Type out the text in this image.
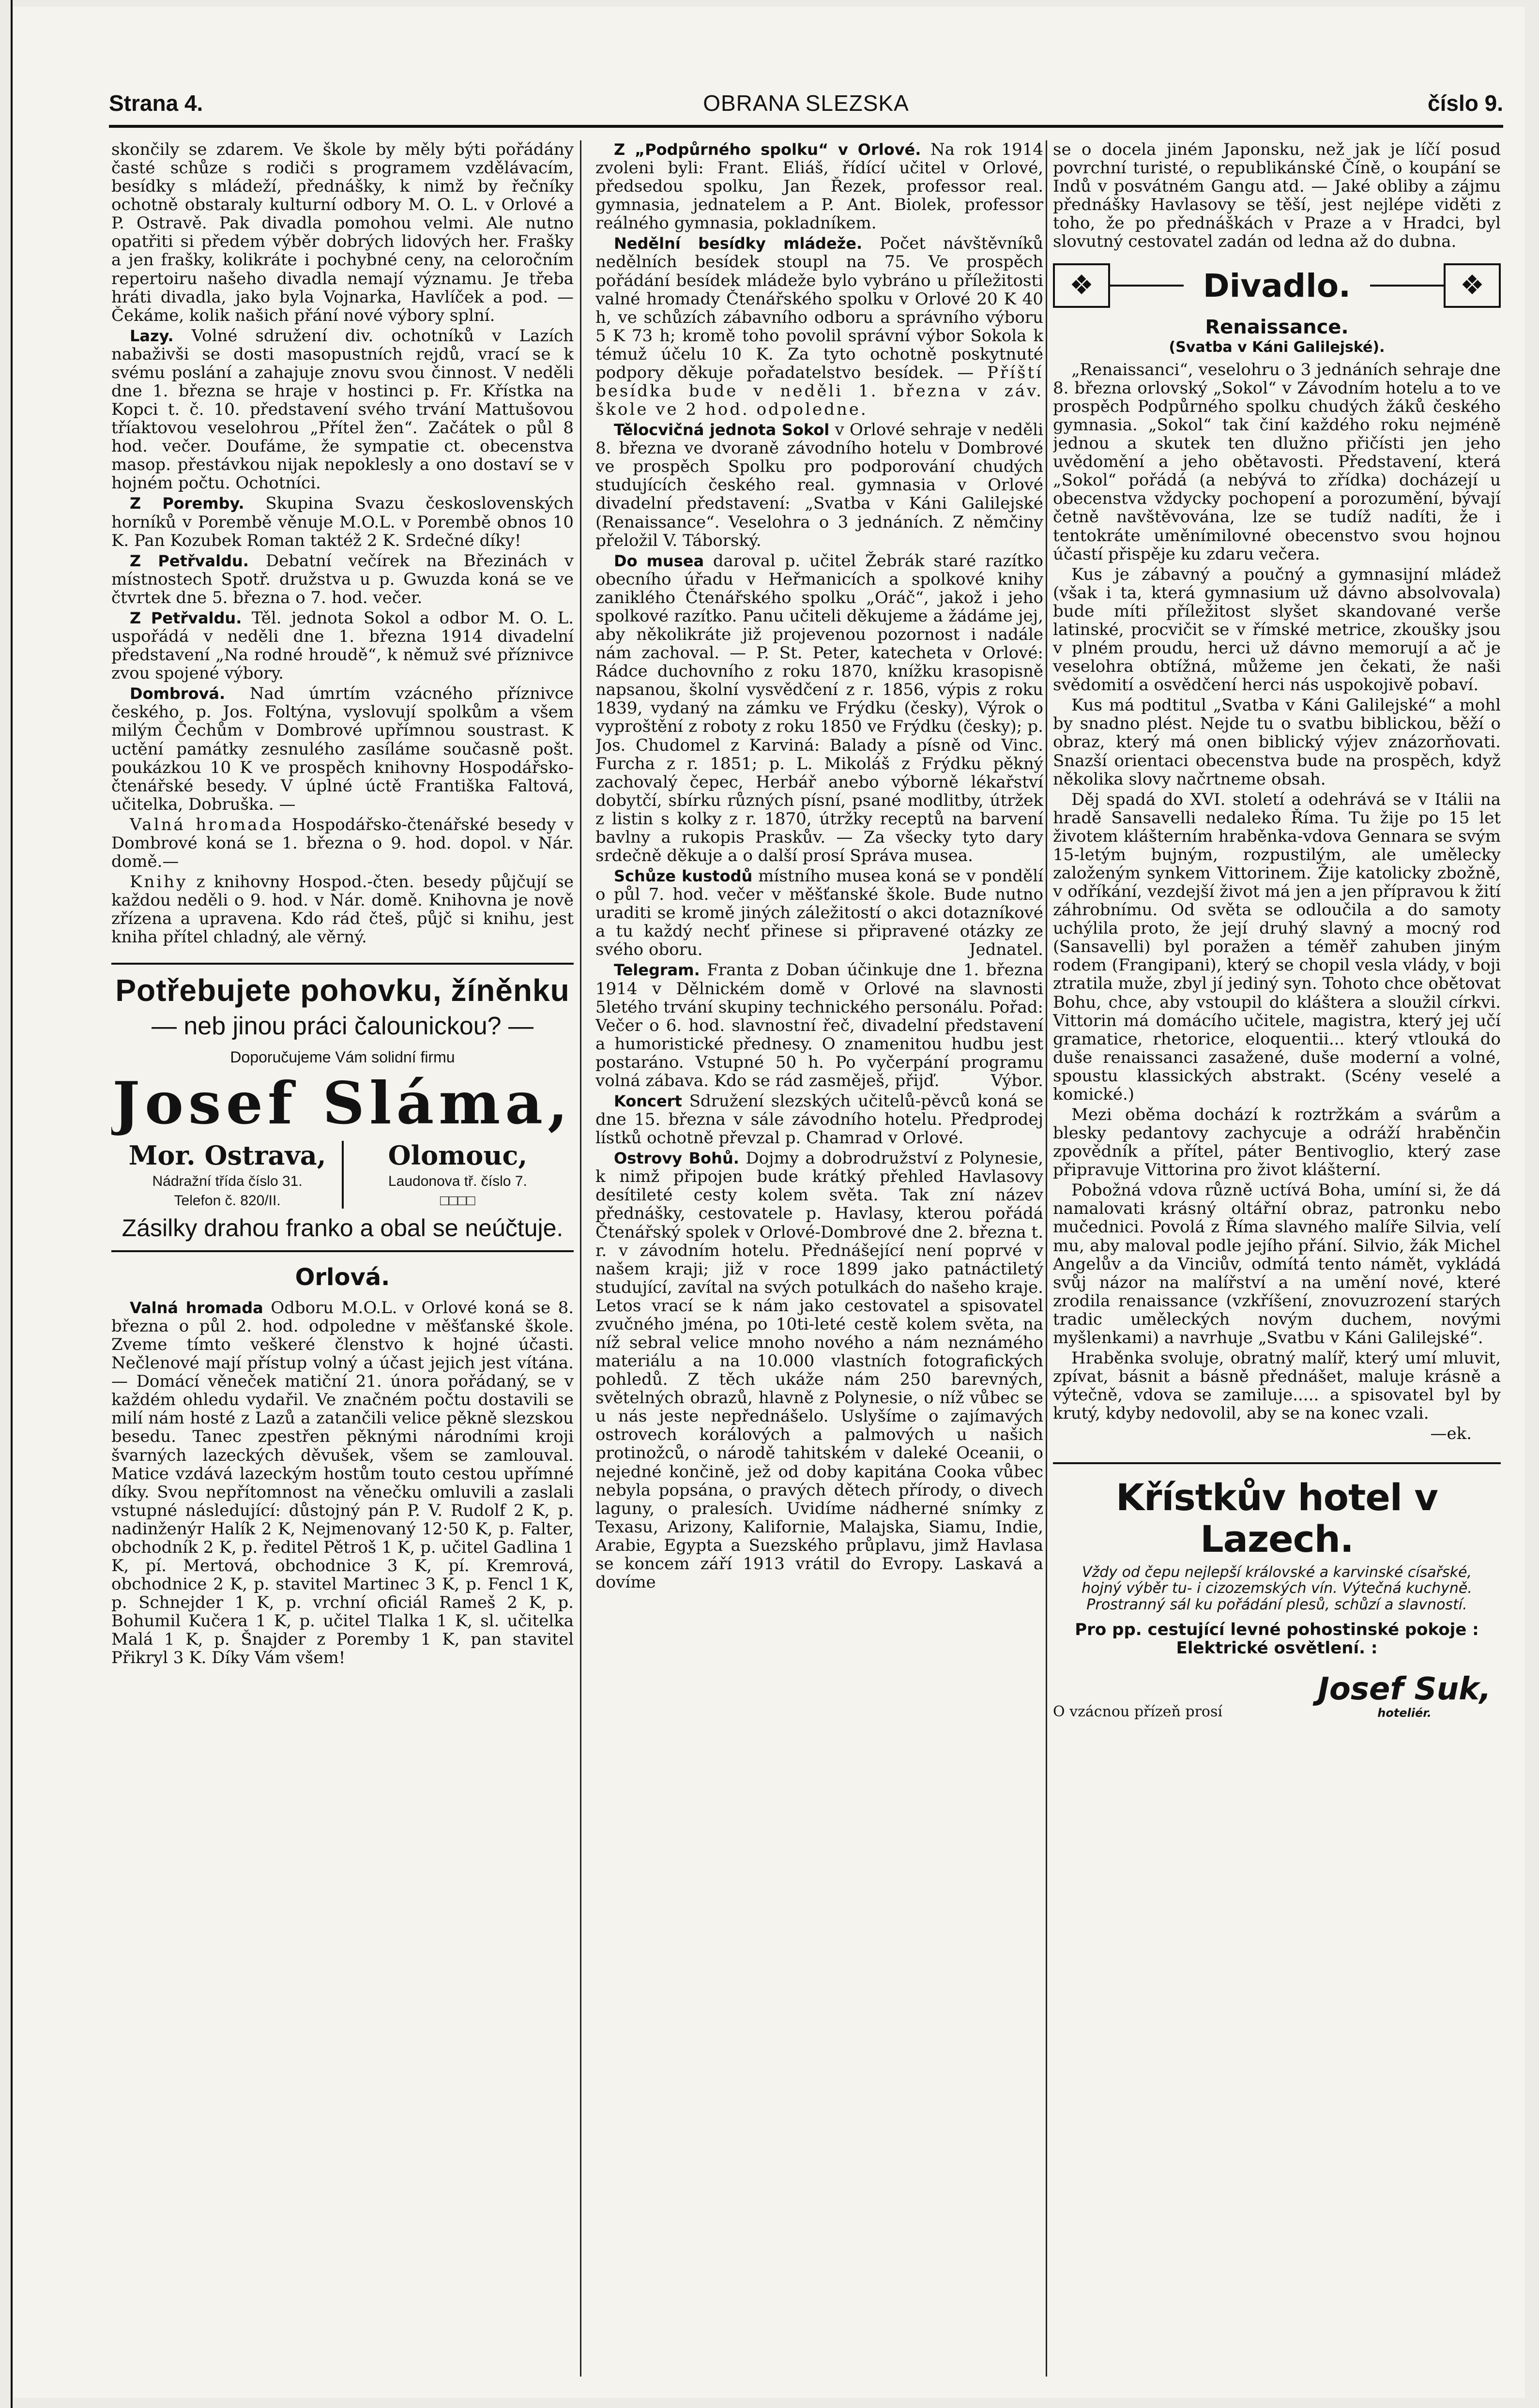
Strana 4.	OBRANA SLEZSKA	číslo 9.

skončily se zdarem. Ve škole by měly býti pořádány časté schůze s rodiči s programem vzdělávacím, besídky s mládeží, přednášky, k nimž by řečníky ochotně obstaraly kulturní odbory M. O. L. v Orlové a P. Ostravě. Pak divadla pomohou velmi. Ale nutno opatřiti si předem výběr dobrých lidových her. Frašky a jen frašky, kolikráte i pochybné ceny, na celoročním repertoiru našeho divadla nemají významu. Je třeba hráti divadla, jako byla Vojnarka, Havlíček a pod. — Čekáme, kolik našich přání nové výbory splní.

Lazy. Volné sdružení div. ochotníků v Lazích nabaživši se dosti masopustních rejdů, vrací se k svému poslání a zahajuje znovu svou činnost. V neděli dne 1. března se hraje v hostinci p. Fr. Křístka na Kopci t. č. 10. představení svého trvání Mattušovou tříaktovou veselohrou „Přítel žen“. Začátek o půl 8 hod. večer. Doufáme, že sympatie ct. obecenstva masop. přestávkou nijak nepoklesly a ono dostaví se v hojném počtu. Ochotníci.

Z Poremby. Skupina Svazu československých horníků v Porembě věnuje M.O.L. v Porembě obnos 10 K. Pan Kozubek Roman taktéž 2 K. Srdečné díky!

Z Petřvaldu. Debatní večírek na Březinách v místnostech Spotř. družstva u p. Gwuzda koná se ve čtvrtek dne 5. března o 7. hod. večer.

Z Petřvaldu. Těl. jednota Sokol a odbor M. O. L. uspořádá v neděli dne 1. března 1914 divadelní představení „Na rodné hroudě“, k němuž své příznivce zvou spojené výbory.

Dombrová. Nad úmrtím vzácného příznivce českého, p. Jos. Foltýna, vyslovují spolkům a všem milým Čechům v Dombrové upřímnou soustrast. K uctění památky zesnulého zasíláme současně pošt. poukázkou 10 K ve prospěch knihovny Hospodářsko-čtenářské besedy. V úplné úctě Františka Faltová, učitelka, Dobruška. —

Valná hromada Hospodářsko-čtenářské besedy v Dombrové koná se 1. března o 9. hod. dopol. v Nár. domě.—

Knihy z knihovny Hospod.-čten. besedy půjčují se každou neděli o 9. hod. v Nár. domě. Knihovna je nově zřízena a upravena. Kdo rád čteš, půjč si knihu, jest kniha přítel chladný, ale věrný.

Potřebujete pohovku, žíněnku
— neb jinou práci čalounickou? —
Doporučujeme Vám solidní firmu
Josef Sláma,
Mor. Ostrava,
Nádražní třída číslo 31.
Telefon č. 820/II.
Olomouc,
Laudonova tř. číslo 7.
□□□□
Zásilky drahou franko a obal se neúčtuje.
Orlová.

Valná hromada Odboru M.O.L. v Orlové koná se 8. března o půl 2. hod. odpoledne v měšťanské škole. Zveme tímto veškeré členstvo k hojné účasti. Nečlenové mají přístup volný a účast jejich jest vítána. — Domácí věneček matiční 21. února pořádaný, se v každém ohledu vydařil. Ve značném počtu dostavili se milí nám hosté z Lazů a zatančili velice pěkně slezskou besedu. Tanec zpestřen pěknými národními kroji švarných lazeckých děvušek, všem se zamlouval. Matice vzdává lazeckým hostům touto cestou upřímné díky. Svou nepřítomnost na věnečku omluvili a zaslali vstupné následující: důstojný pán P. V. Rudolf 2 K, p. nadinženýr Halík 2 K, Nejmenovaný 12·50 K, p. Falter, obchodník 2 K, p. ředitel Pětroš 1 K, p. učitel Gadlina 1 K, pí. Mertová, obchodnice 3 K, pí. Kremrová, obchodnice 2 K, p. stavitel Martinec 3 K, p. Fencl 1 K, p. Schnejder 1 K, p. vrchní oficiál Rameš 2 K, p. Bohumil Kučera 1 K, p. učitel Tlalka 1 K, sl. učitelka Malá 1 K, p. Šnajder z Poremby 1 K, pan stavitel Přikryl 3 K. Díky Vám všem!

Z „Podpůrného spolku“ v Orlové. Na rok 1914 zvoleni byli: Frant. Eliáš, řídící učitel v Orlové, předsedou spolku, Jan Řezek, professor real. gymnasia, jednatelem a P. Ant. Biolek, professor reálného gymnasia, pokladníkem.

Nedělní besídky mládeže. Počet návštěvníků nedělních besídek stoupl na 75. Ve prospěch pořádání besídek mládeže bylo vybráno u příležitosti valné hromady Čtenářského spolku v Orlové 20 K 40 h, ve schůzích zábavního odboru a správního výboru 5 K 73 h; kromě toho povolil správní výbor Sokola k témuž účelu 10 K. Za tyto ochotně poskytnuté podpory děkuje pořadatelstvo besídek. — Příští besídka bude v neděli 1. března v záv. škole ve 2 hod. odpoledne.

Tělocvičná jednota Sokol v Orlové sehraje v neděli 8. března ve dvoraně závodního hotelu v Dombrové ve prospěch Spolku pro podporování chudých studujících českého real. gymnasia v Orlové divadelní představení: „Svatba v Káni Galilejské (Renaissance“. Veselohra o 3 jednáních. Z němčiny přeložil V. Táborský.

Do musea daroval p. učitel Žebrák staré razítko obecního úřadu v Heřmanicích a spolkové knihy zaniklého Čtenářského spolku „Oráč“, jakož i jeho spolkové razítko. Panu učiteli děkujeme a žádáme jej, aby několikráte již projevenou pozornost i nadále nám zachoval. — P. St. Peter, katecheta v Orlové: Rádce duchovního z roku 1870, knížku krasopisně napsanou, školní vysvědčení z r. 1856, výpis z roku 1839, vydaný na zámku ve Frýdku (česky), Výrok o vyproštění z roboty z roku 1850 ve Frýdku (česky); p. Jos. Chudomel z Karviná: Balady a písně od Vinc. Furcha z r. 1851; p. L. Mikoláš z Frýdku pěkný zachovalý čepec, Herbář anebo výborně lékařství dobytčí, sbírku různých písní, psané modlitby, útržek z listin s kolky z r. 1870, útržky receptů na barvení bavlny a rukopis Praskův. — Za všecky tyto dary srdečně děkuje a o další prosí Správa musea.

Schůze kustodů místního musea koná se v pondělí o půl 7. hod. večer v měšťanské škole. Bude nutno uraditi se kromě jiných záležitostí o akci dotazníkové a tu každý nechť přinese si připravené otázky ze svého oboru.	Jednatel.

Telegram. Franta z Doban účinkuje dne 1. března 1914 v Dělnickém domě v Orlové na slavnosti 5letého trvání skupiny technického personálu. Pořad: Večer o 6. hod. slavnostní řeč, divadelní představení a humoristické přednesy. O znamenitou hudbu jest postaráno. Vstupné 50 h. Po vyčerpání programu volná zábava. Kdo se rád zasměješ, přijď.	Výbor.

Koncert Sdružení slezských učitelů-pěvců koná se dne 15. března v sále závodního hotelu. Předprodej lístků ochotně převzal p. Chamrad v Orlové.

Ostrovy Bohů. Dojmy a dobrodružství z Polynesie, k nimž připojen bude krátký přehled Havlasovy desítileté cesty kolem světa. Tak zní název přednášky, cestovatele p. Havlasy, kterou pořádá Čtenářský spolek v Orlové-Dombrové dne 2. března t. r. v závodním hotelu. Přednášející není poprvé v našem kraji; již v roce 1899 jako patnáctiletý studující, zavítal na svých potulkách do našeho kraje. Letos vrací se k nám jako cestovatel a spisovatel zvučného jména, po 10ti-leté cestě kolem světa, na níž sebral velice mnoho nového a nám neznámého materiálu a na 10.000 vlastních fotografických pohledů. Z těch ukáže nám 250 barevných, světelných obrazů, hlavně z Polynesie, o níž vůbec se u nás jeste nepřednášelo. Uslyšíme o zajímavých ostrovech korálových a palmových u našich protinožců, o národě tahitském v daleké Oceanii, o nejedné končině, jež od doby kapitána Cooka vůbec nebyla popsána, o pravých dětech přírody, o divech laguny, o pralesích. Uvidíme nádherné snímky z Texasu, Arizony, Kalifornie, Malajska, Siamu, Indie, Arabie, Egypta a Suezského průplavu, jimž Havlasa se koncem září 1913 vrátil do Evropy. Laskavá a dovíme

se o docela jiném Japonsku, než jak je líčí posud povrchní turisté, o republikánské Číně, o koupání se Indů v posvátném Gangu atd. — Jaké obliby a zájmu přednášky Havlasovy se těší, jest nejlépe viděti z toho, že po přednáškách v Praze a v Hradci, byl slovutný cestovatel zadán od ledna až do dubna.

❖	Divadlo.	❖
Renaissance.
(Svatba v Káni Galilejské).

„Renaissanci“, veselohru o 3 jednáních sehraje dne 8. března orlovský „Sokol“ v Závodním hotelu a to ve prospěch Podpůrného spolku chudých žáků českého gymnasia. „Sokol“ tak činí každého roku nejméně jednou a skutek ten dlužno přičísti jen jeho uvědomění a jeho obětavosti. Představení, která „Sokol“ pořádá (a nebývá to zřídka) docházejí u obecenstva vždycky pochopení a porozumění, bývají četně navštěvována, lze se tudíž nadíti, že i tentokráte uměnímilovné obecenstvo svou hojnou účastí přispěje ku zdaru večera.

Kus je zábavný a poučný a gymnasijní mládež (však i ta, která gymnasium už dávno absolvovala) bude míti příležitost slyšet skandované verše latinské, procvičit se v římské metrice, zkoušky jsou v plném proudu, herci už dávno memorují a ač je veselohra obtížná, můžeme jen čekati, že naši svědomití a osvědčení herci nás uspokojivě pobaví.

Kus má podtitul „Svatba v Káni Galilejské“ a mohl by snadno plést. Nejde tu o svatbu biblickou, běží o obraz, který má onen biblický výjev znázorňovati. Snazší orientaci obecenstva bude na prospěch, když několika slovy načrtneme obsah.

Děj spadá do XVI. století a odehrává se v Itálii na hradě Sansavelli nedaleko Říma. Tu žije po 15 let životem klášterním hraběnka-vdova Gennara se svým 15-letým bujným, rozpustilým, ale umělecky založeným synkem Vittorinem. Žije katolicky zbožně, v odříkání, vezdejší život má jen a jen přípravou k žití záhrobnímu. Od světa se odloučila a do samoty uchýlila proto, že její druhý slavný a mocný rod (Sansavelli) byl poražen a téměř zahuben jiným rodem (Frangipani), který se chopil vesla vlády, v boji ztratila muže, zbyl jí jediný syn. Tohoto chce obětovat Bohu, chce, aby vstoupil do kláštera a sloužil církvi. Vittorin má domácího učitele, magistra, který jej učí gramatice, rhetorice, eloquentii... který vtlouká do duše renaissanci zasažené, duše moderní a volné, spoustu klassických abstrakt. (Scény veselé a komické.)

Mezi oběma dochází k roztržkám a svárům a blesky pedantovy zachycuje a odráží hraběnčin zpovědník a přítel, páter Bentivoglio, který zase připravuje Vittorina pro život klášterní.

Pobožná vdova různě uctívá Boha, umíní si, že dá namalovati krásný oltářní obraz, patronku nebo mučednici. Povolá z Říma slavného malíře Silvia, velí mu, aby maloval podle jejího přání. Silvio, žák Michel Angelův a da Vinciův, odmítá tento námět, vykládá svůj názor na malířství a na umění nové, které zrodila renaissance (vzkříšení, znovuzrození starých tradic uměleckých novým duchem, novými myšlenkami) a navrhuje „Svatbu v Káni Galilejské“.

Hraběnka svoluje, obratný malíř, který umí mluvit, zpívat, básnit a básně přednášet, maluje krásně a výtečně, vdova se zamiluje..... a spisovatel byl by krutý, kdyby nedovolil, aby se na konec vzali.

—ek.
Křístkův hotel v Lazech.
Vždy od čepu nejlepší královské a karvinské císařské, hojný výběr tu- i cizozemských vín. Výtečná kuchyně. Prostranný sál ku pořádání plesů, schůzí a slavností.
Pro pp. cestující levné pohostinské pokoje : Elektrické osvětlení. :
O vzácnou přízeň prosí
Josef Suk,
hoteliér.
